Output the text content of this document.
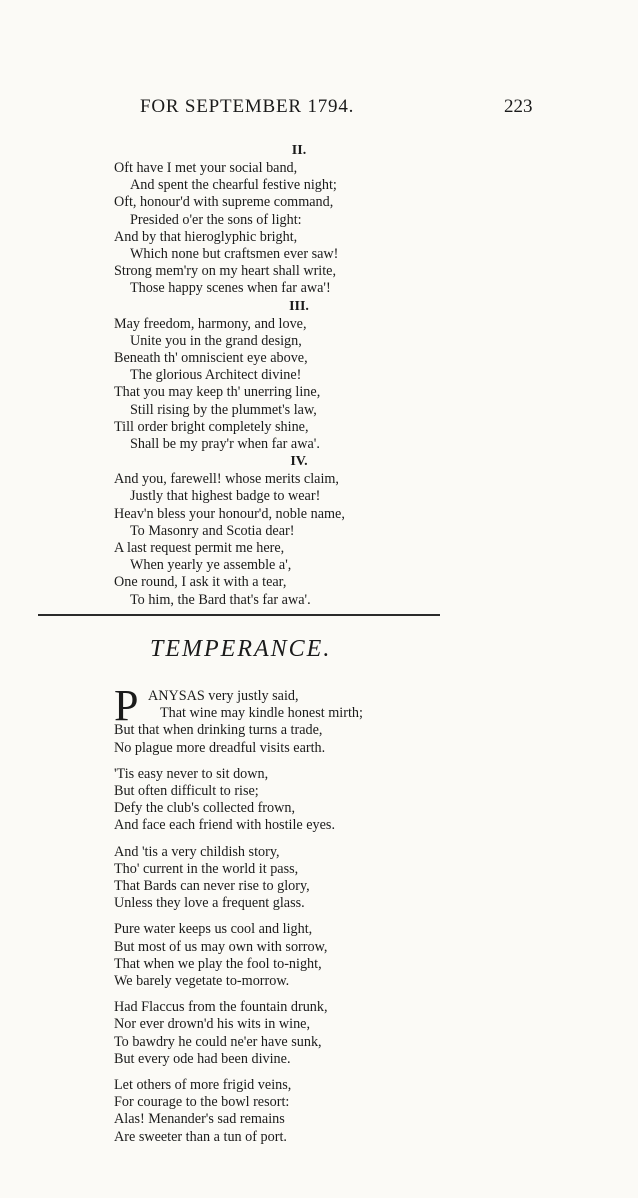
FOR SEPTEMBER 1794.	223
II.
Oft have I met your social band,
And spent the chearful festive night;
Oft, honour'd with supreme command,
Presided o'er the sons of light:
And by that hieroglyphic bright,
Which none but craftsmen ever saw!
Strong mem'ry on my heart shall write,
Those happy scenes when far awa'!
III.
May freedom, harmony, and love,
Unite you in the grand design,
Beneath th' omniscient eye above,
The glorious Architect divine!
That you may keep th' unerring line,
Still rising by the plummet's law,
Till order bright completely shine,
Shall be my pray'r when far awa'.
IV.
And you, farewell! whose merits claim,
Justly that highest badge to wear!
Heav'n bless your honour'd, noble name,
To Masonry and Scotia dear!
A last request permit me here,
When yearly ye assemble a',
One round, I ask it with a tear,
To him, the Bard that's far awa'.
TEMPERANCE.
P ANYSAS very justly said,
That wine may kindle honest mirth;
But that when drinking turns a trade,
No plague more dreadful visits earth.
'Tis easy never to sit down,
But often difficult to rise;
Defy the club's collected frown,
And face each friend with hostile eyes.
And 'tis a very childish story,
Tho' current in the world it pass,
That Bards can never rise to glory,
Unless they love a frequent glass.
Pure water keeps us cool and light,
But most of us may own with sorrow,
That when we play the fool to-night,
We barely vegetate to-morrow.
Had Flaccus from the fountain drunk,
Nor ever drown'd his wits in wine,
To bawdry he could ne'er have sunk,
But every ode had been divine.
Let others of more frigid veins,
For courage to the bowl resort:
Alas! Menander's sad remains
Are sweeter than a tun of port.
